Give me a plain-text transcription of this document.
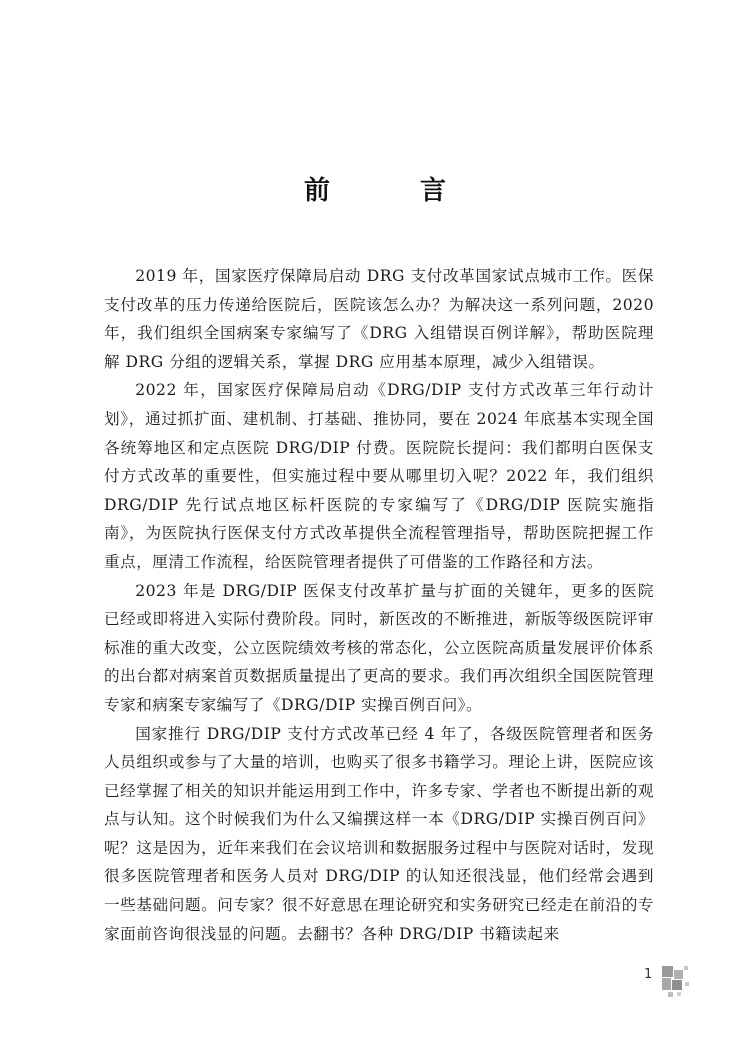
前　言

2019 年，国家医疗保障局启动 DRG 支付改革国家试点城市工作。医保支付改革的压力传递给医院后，医院该怎么办？为解决这一系列问题，2020 年，我们组织全国病案专家编写了《DRG 入组错误百例详解》，帮助医院理解 DRG 分组的逻辑关系，掌握 DRG 应用基本原理，减少入组错误。

2022 年，国家医疗保障局启动《DRG/DIP 支付方式改革三年行动计划》，通过抓扩面、建机制、打基础、推协同，要在 2024 年底基本实现全国各统筹地区和定点医院 DRG/DIP 付费。医院院长提问：我们都明白医保支付方式改革的重要性，但实施过程中要从哪里切入呢？2022 年，我们组织 DRG/DIP 先行试点地区标杆医院的专家编写了《DRG/DIP 医院实施指南》，为医院执行医保支付方式改革提供全流程管理指导，帮助医院把握工作重点，厘清工作流程，给医院管理者提供了可借鉴的工作路径和方法。

2023 年是 DRG/DIP 医保支付改革扩量与扩面的关键年，更多的医院已经或即将进入实际付费阶段。同时，新医改的不断推进，新版等级医院评审标准的重大改变，公立医院绩效考核的常态化，公立医院高质量发展评价体系的出台都对病案首页数据质量提出了更高的要求。我们再次组织全国医院管理专家和病案专家编写了《DRG/DIP 实操百例百问》。

国家推行 DRG/DIP 支付方式改革已经 4 年了，各级医院管理者和医务人员组织或参与了大量的培训，也购买了很多书籍学习。理论上讲，医院应该已经掌握了相关的知识并能运用到工作中，许多专家、学者也不断提出新的观点与认知。这个时候我们为什么又编撰这样一本《DRG/DIP 实操百例百问》呢？这是因为，近年来我们在会议培训和数据服务过程中与医院对话时，发现很多医院管理者和医务人员对 DRG/DIP 的认知还很浅显，他们经常会遇到一些基础问题。问专家？很不好意思在理论研究和实务研究已经走在前沿的专家面前咨询很浅显的问题。去翻书？各种 DRG/DIP 书籍读起来

1
